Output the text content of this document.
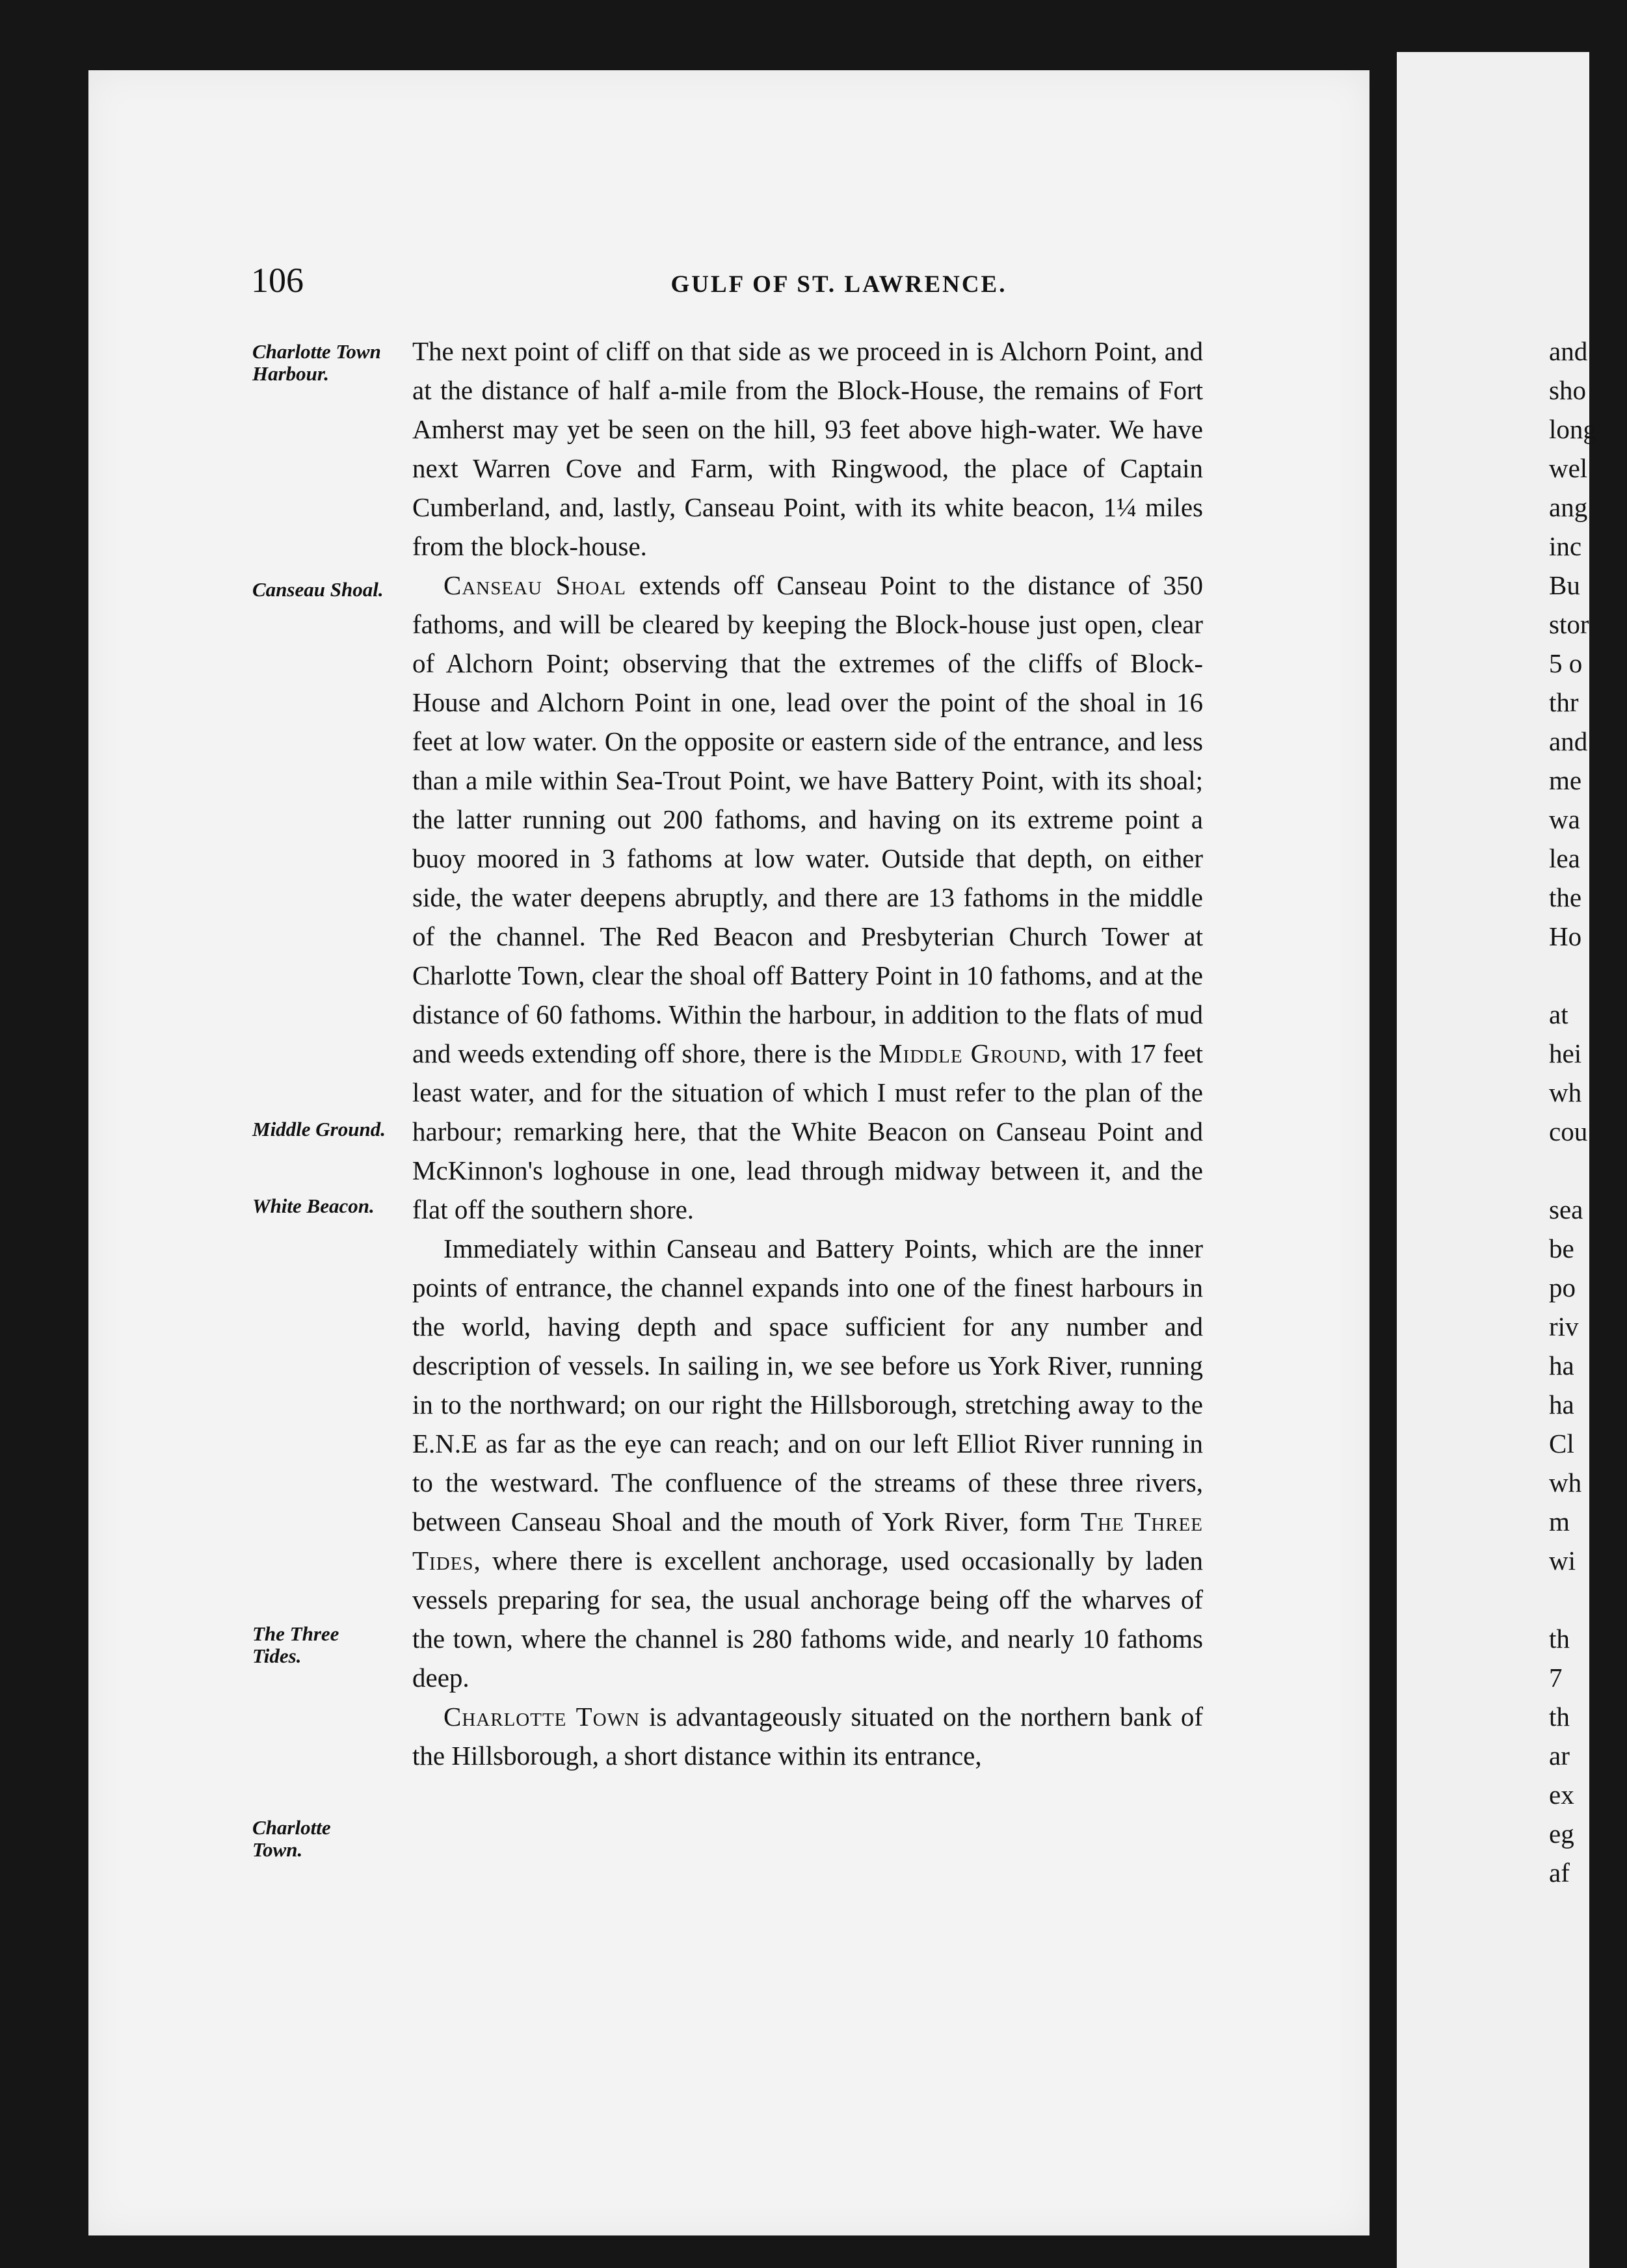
106	GULF OF ST. LAWRENCE.
Charlotte Town Harbour.
Canseau Shoal.
Middle Ground.
White Beacon.
The Three Tides.
Charlotte Town.

The next point of cliff on that side as we proceed in is Alchorn Point, and at the distance of half a-mile from the Block-House, the remains of Fort Amherst may yet be seen on the hill, 93 feet above high-water. We have next Warren Cove and Farm, with Ringwood, the place of Captain Cumberland, and, lastly, Canseau Point, with its white beacon, 1¼ miles from the block-house.

Canseau Shoal extends off Canseau Point to the distance of 350 fathoms, and will be cleared by keeping the Block-house just open, clear of Alchorn Point; observing that the extremes of the cliffs of Block-House and Alchorn Point in one, lead over the point of the shoal in 16 feet at low water. On the opposite or eastern side of the entrance, and less than a mile within Sea-Trout Point, we have Battery Point, with its shoal; the latter running out 200 fathoms, and having on its extreme point a buoy moored in 3 fathoms at low water. Outside that depth, on either side, the water deepens abruptly, and there are 13 fathoms in the middle of the channel. The Red Beacon and Presbyterian Church Tower at Charlotte Town, clear the shoal off Battery Point in 10 fathoms, and at the distance of 60 fathoms. Within the harbour, in addition to the flats of mud and weeds extending off shore, there is the Middle Ground, with 17 feet least water, and for the situation of which I must refer to the plan of the harbour; remarking here, that the White Beacon on Canseau Point and McKinnon's loghouse in one, lead through midway between it, and the flat off the southern shore.

Immediately within Canseau and Battery Points, which are the inner points of entrance, the channel expands into one of the finest harbours in the world, having depth and space sufficient for any number and description of vessels. In sailing in, we see before us York River, running in to the northward; on our right the Hillsborough, stretching away to the E.N.E as far as the eye can reach; and on our left Elliot River running in to the westward. The confluence of the streams of these three rivers, between Canseau Shoal and the mouth of York River, form The Three Tides, where there is excellent anchorage, used occasionally by laden vessels preparing for sea, the usual anchorage being off the wharves of the town, where the channel is 280 fathoms wide, and nearly 10 fathoms deep.

Charlotte Town is advantageously situated on the northern bank of the Hillsborough, a short distance within its entrance,

and
sho
long
wel
ang
inc
Bu
stor
5 o
thr
and
me
wa
lea
the
Ho
at
hei
wh
cou
sea
be
po
riv
ha
ha
Cl
wh
m
wi
th
7
th
ar
ex
eg
af
